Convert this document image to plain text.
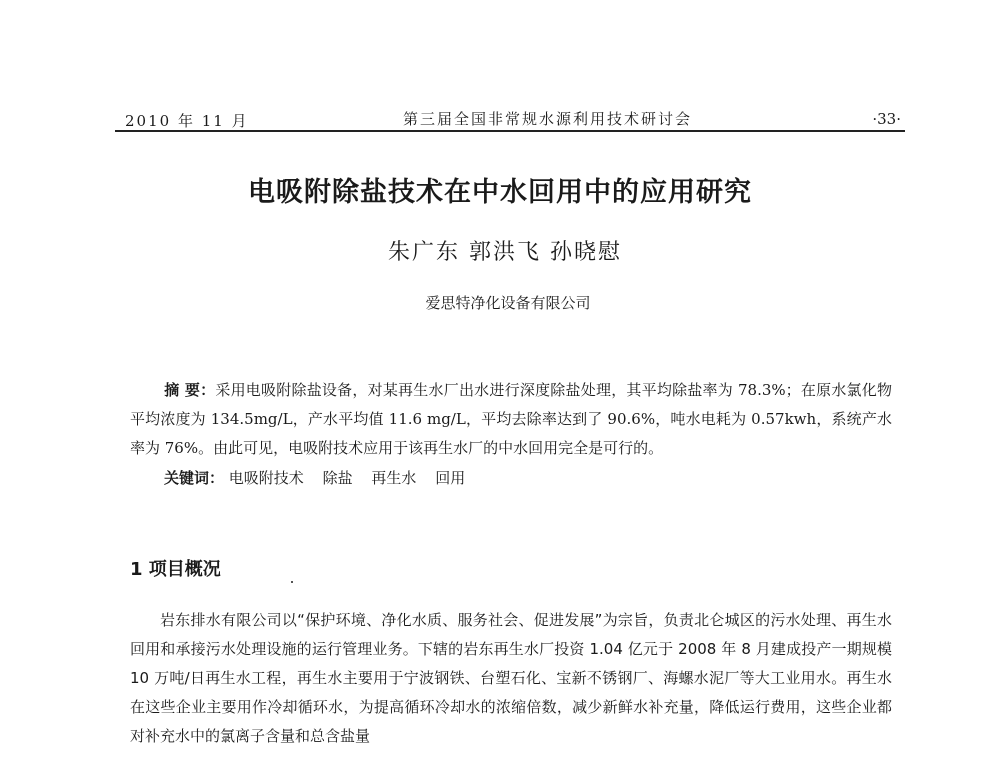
2010 年 11 月	第三届全国非常规水源利用技术研讨会	·33·
电吸附除盐技术在中水回用中的应用研究
朱广东 郭洪飞 孙晓慰
爱思特净化设备有限公司
摘 要：采用电吸附除盐设备，对某再生水厂出水进行深度除盐处理，其平均除盐率为 78.3%；在原水氯化物平均浓度为 134.5mg/L，产水平均值 11.6 mg/L，平均去除率达到了 90.6%，吨水电耗为 0.57kwh，系统产水率为 76%。由此可见，电吸附技术应用于该再生水厂的中水回用完全是可行的。
关键词： 电吸附技术 除盐 再生水 回用
1 项目概况

岩东排水有限公司以“保护环境、净化水质、服务社会、促进发展”为宗旨，负责北仑城区的污水处理、再生水回用和承接污水处理设施的运行管理业务。下辖的岩东再生水厂投资 1.04 亿元于 2008 年 8 月建成投产一期规模 10 万吨/日再生水工程，再生水主要用于宁波钢铁、台塑石化、宝新不锈钢厂、海螺水泥厂等大工业用水。再生水在这些企业主要用作冷却循环水，为提高循环冷却水的浓缩倍数，减少新鲜水补充量，降低运行费用，这些企业都对补充水中的氯离子含量和总含盐量
